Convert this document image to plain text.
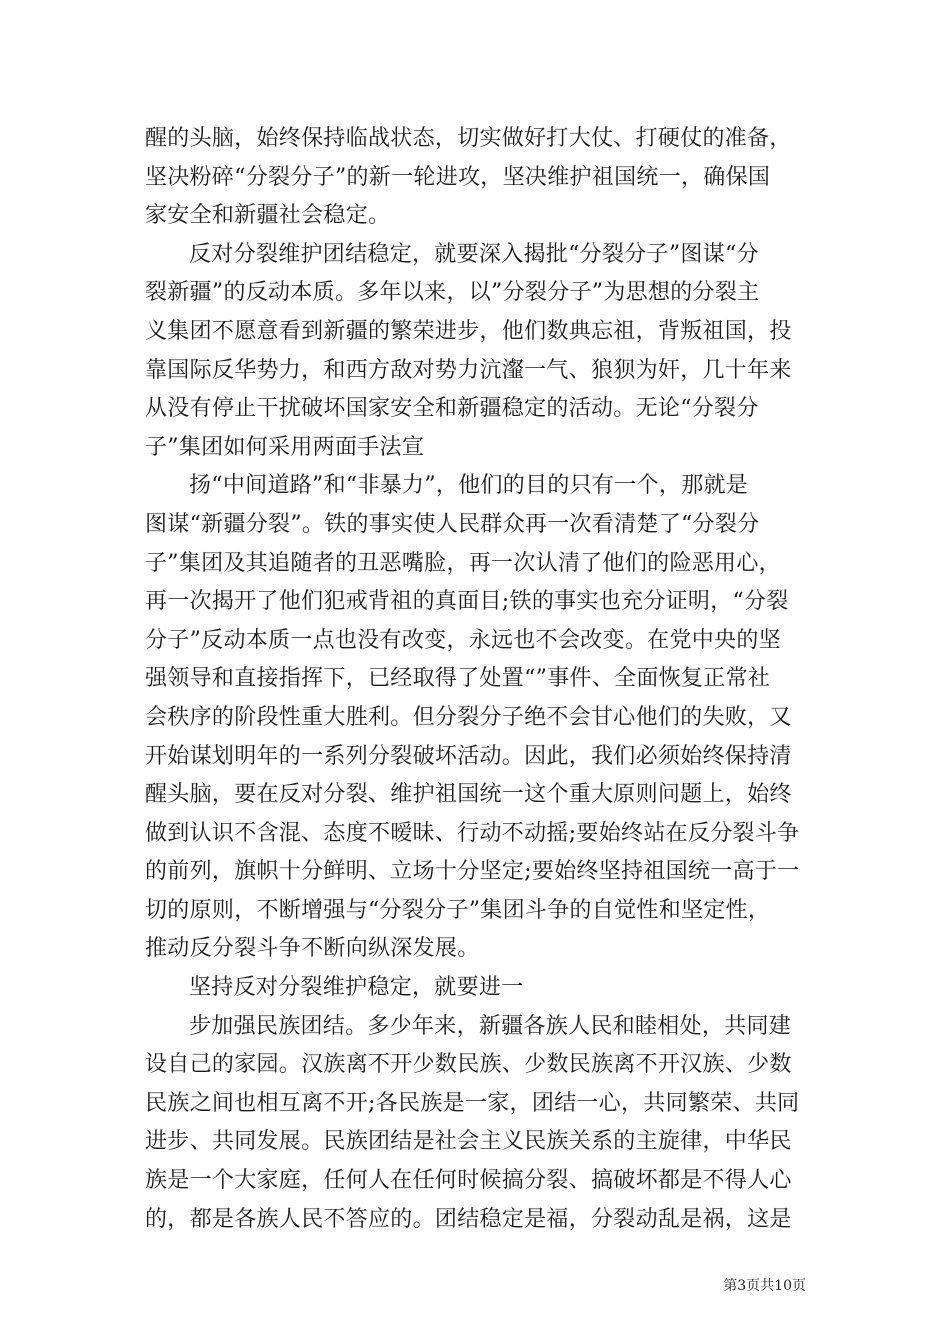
醒的头脑，始终保持临战状态，切实做好打大仗、打硬仗的准备，
坚决粉碎“分裂分子”的新一轮进攻，坚决维护祖国统一，确保国
家安全和新疆社会稳定。
反对分裂维护团结稳定，就要深入揭批“分裂分子”图谋“分
裂新疆”的反动本质。多年以来，以”分裂分子”为思想的分裂主
义集团不愿意看到新疆的繁荣进步，他们数典忘祖，背叛祖国，投
靠国际反华势力，和西方敌对势力沆瀣一气、狼狈为奸，几十年来
从没有停止干扰破坏国家安全和新疆稳定的活动。无论“分裂分
子”集团如何采用两面手法宣
扬“中间道路”和“非暴力”，他们的目的只有一个，那就是
图谋“新疆分裂”。铁的事实使人民群众再一次看清楚了“分裂分
子”集团及其追随者的丑恶嘴脸，再一次认清了他们的险恶用心，
再一次揭开了他们犯戒背祖的真面目;铁的事实也充分证明，“分裂
分子”反动本质一点也没有改变，永远也不会改变。在党中央的坚
强领导和直接指挥下，已经取得了处置“”事件、全面恢复正常社
会秩序的阶段性重大胜利。但分裂分子绝不会甘心他们的失败，又
开始谋划明年的一系列分裂破坏活动。因此，我们必须始终保持清
醒头脑，要在反对分裂、维护祖国统一这个重大原则问题上，始终
做到认识不含混、态度不暧昧、行动不动摇;要始终站在反分裂斗争
的前列，旗帜十分鲜明、立场十分坚定;要始终坚持祖国统一高于一
切的原则，不断增强与“分裂分子”集团斗争的自觉性和坚定性，
推动反分裂斗争不断向纵深发展。
坚持反对分裂维护稳定，就要进一
步加强民族团结。多少年来，新疆各族人民和睦相处，共同建
设自己的家园。汉族离不开少数民族、少数民族离不开汉族、少数
民族之间也相互离不开;各民族是一家，团结一心，共同繁荣、共同
进步、共同发展。民族团结是社会主义民族关系的主旋律，中华民
族是一个大家庭，任何人在任何时候搞分裂、搞破坏都是不得人心
的，都是各族人民不答应的。团结稳定是福，分裂动乱是祸，这是
第3页共10页
